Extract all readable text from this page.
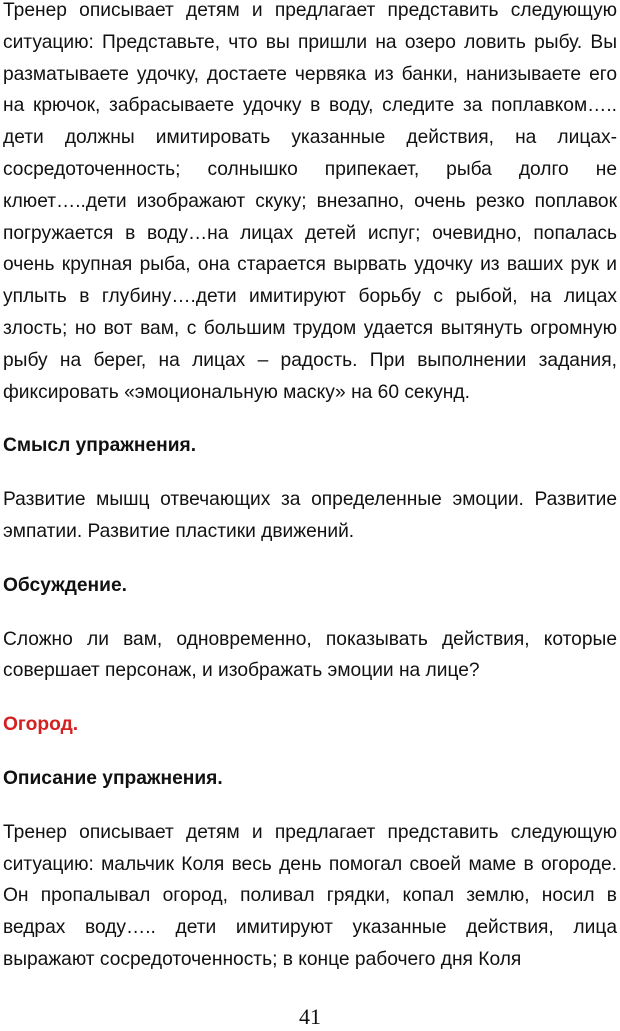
Тренер описывает детям и предлагает представить следующую ситуацию: Представьте, что вы пришли на озеро ловить рыбу. Вы разматываете удочку, достаете червяка из банки, нанизываете его на крючок, забрасываете удочку в воду, следите за поплавком….. дети должны имитировать указанные действия, на лицах- сосредоточенность; солнышко припекает, рыба долго не клюет…..дети изображают скуку; внезапно, очень резко поплавок погружается в воду…на лицах детей испуг; очевидно, попалась очень крупная рыба, она старается вырвать удочку из ваших рук и уплыть в глубину….дети имитируют борьбу с рыбой, на лицах злость; но вот вам, с большим трудом удается вытянуть огромную рыбу на берег, на лицах – радость. При выполнении задания, фиксировать «эмоциональную маску» на 60 секунд.

Смысл упражнения.

Развитие мышц отвечающих за определенные эмоции. Развитие эмпатии. Развитие пластики движений.

Обсуждение.

Сложно ли вам, одновременно, показывать действия, которые совершает персонаж, и изображать эмоции на лице?

Огород.

Описание упражнения.

Тренер описывает детям и предлагает представить следующую ситуацию: мальчик Коля весь день помогал своей маме в огороде. Он пропалывал огород, поливал грядки, копал землю, носил в ведрах воду….. дети имитируют указанные действия, лица выражают сосредоточенность; в конце рабочего дня Коля

41
